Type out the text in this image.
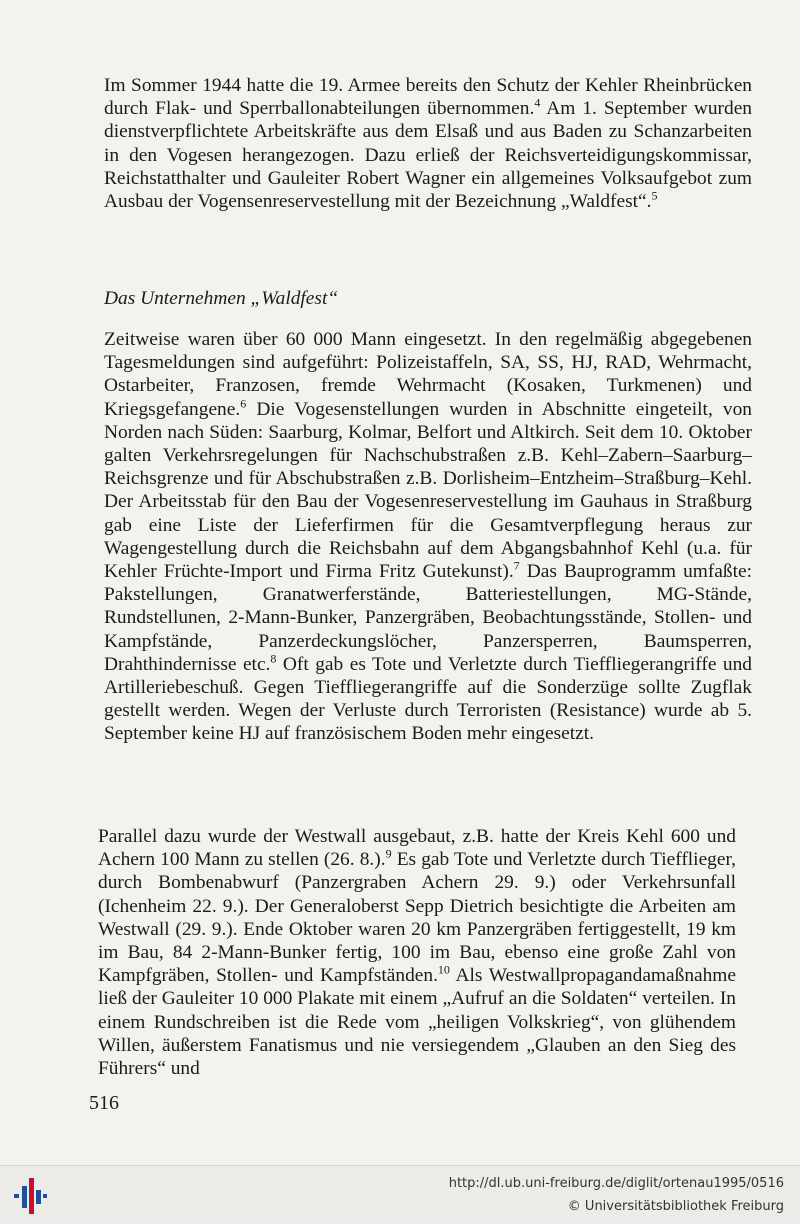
Im Sommer 1944 hatte die 19. Armee bereits den Schutz der Kehler Rheinbrücken durch Flak- und Sperrballonabteilungen übernommen.$^4$ Am 1. September wurden dienstverpflichtete Arbeitskräfte aus dem Elsaß und aus Baden zu Schanzarbeiten in den Vogesen herangezogen. Dazu erließ der Reichsverteidigungskommissar, Reichstatthalter und Gauleiter Robert Wagner ein allgemeines Volksaufgebot zum Ausbau der Vogensenreservestellung mit der Bezeichnung „Waldfest“.$^5$

Das Unternehmen „Waldfest“

Zeitweise waren über 60 000 Mann eingesetzt. In den regelmäßig abgegebenen Tagesmeldungen sind aufgeführt: Polizeistaffeln, SA, SS, HJ, RAD, Wehrmacht, Ostarbeiter, Franzosen, fremde Wehrmacht (Kosaken, Turkmenen) und Kriegsgefangene.$^6$ Die Vogesenstellungen wurden in Abschnitte eingeteilt, von Norden nach Süden: Saarburg, Kolmar, Belfort und Altkirch. Seit dem 10. Oktober galten Verkehrsregelungen für Nachschubstraßen z.B. Kehl–Zabern–Saarburg–Reichsgrenze und für Abschubstraßen z.B. Dorlisheim–Entzheim–Straßburg–Kehl. Der Arbeitsstab für den Bau der Vogesenreservestellung im Gauhaus in Straßburg gab eine Liste der Lieferfirmen für die Gesamtverpflegung heraus zur Wagengestellung durch die Reichsbahn auf dem Abgangsbahnhof Kehl (u.a. für Kehler Früchte-Import und Firma Fritz Gutekunst).$^7$ Das Bauprogramm umfaßte: Pakstellungen, Granatwerferstände, Batteriestellungen, MG-Stände, Rundstellunen, 2-Mann-Bunker, Panzergräben, Beobachtungsstände, Stollen- und Kampfstände, Panzerdeckungslöcher, Panzersperren, Baumsperren, Drahthindernisse etc.$^8$ Oft gab es Tote und Verletzte durch Tieffliegerangriffe und Artilleriebeschuß. Gegen Tieffliegerangriffe auf die Sonderzüge sollte Zugflak gestellt werden. Wegen der Verluste durch Terroristen (Resistance) wurde ab 5. September keine HJ auf französischem Boden mehr eingesetzt.

Parallel dazu wurde der Westwall ausgebaut, z.B. hatte der Kreis Kehl 600 und Achern 100 Mann zu stellen (26. 8.).$^9$ Es gab Tote und Verletzte durch Tiefflieger, durch Bombenabwurf (Panzergraben Achern 29. 9.) oder Verkehrsunfall (Ichenheim 22. 9.). Der Generaloberst Sepp Dietrich besichtigte die Arbeiten am Westwall (29. 9.). Ende Oktober waren 20 km Panzergräben fertiggestellt, 19 km im Bau, 84 2-Mann-Bunker fertig, 100 im Bau, ebenso eine große Zahl von Kampfgräben, Stollen- und Kampfständen.$^{10}$ Als Westwallpropagandamaßnahme ließ der Gauleiter 10 000 Plakate mit einem „Aufruf an die Soldaten“ verteilen. In einem Rundschreiben ist die Rede vom „heiligen Volkskrieg“, von glühendem Willen, äußerstem Fanatismus und nie versiegendem „Glauben an den Sieg des Führers“ und

516
http://dl.ub.uni-freiburg.de/diglit/ortenau1995/0516
© Universitätsbibliothek Freiburg
